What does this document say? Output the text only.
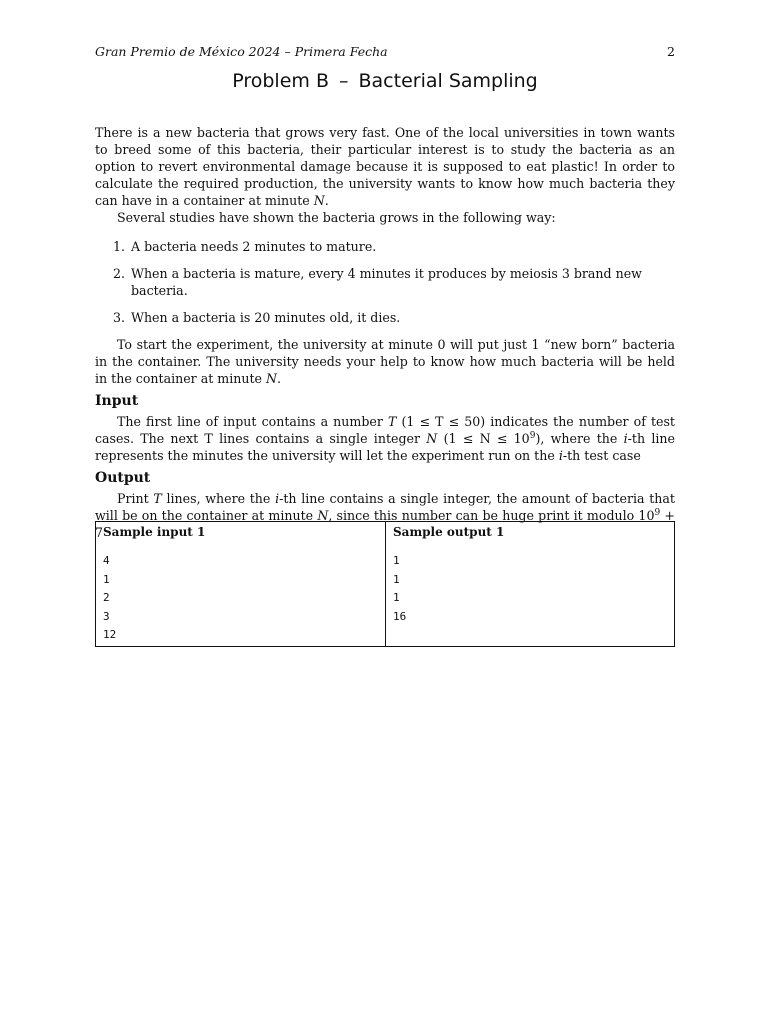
Gran Premio de México 2024 – Primera Fecha	2
Problem B – Bacterial Sampling

There is a new bacteria that grows very fast. One of the local universities in town wants to breed some of this bacteria, their particular interest is to study the bacteria as an option to revert environmental damage because it is supposed to eat plastic! In order to calculate the required production, the university wants to know how much bacteria they can have in a container at minute N.

Several studies have shown the bacteria grows in the following way:

1. A bacteria needs 2 minutes to mature.
2. When a bacteria is mature, every 4 minutes it produces by meiosis 3 brand new bacteria.
3. When a bacteria is 20 minutes old, it dies.

To start the experiment, the university at minute 0 will put just 1 “new born” bacteria in the container. The university needs your help to know how much bacteria will be held in the container at minute N.

Input

The first line of input contains a number T (1 ≤ T ≤ 50) indicates the number of test cases. The next T lines contains a single integer N $(1 \le N \le 10^9)$, where the i-th line represents the minutes the university will let the experiment run on the i-th test case

Output

Print T lines, where the i-th line contains a single integer, the amount of bacteria that will be on the container at minute N, since this number can be huge print it modulo $10^9 + 7$ Sample input 1
4
1
2
3
12
Sample output 1
1
1
1
16
